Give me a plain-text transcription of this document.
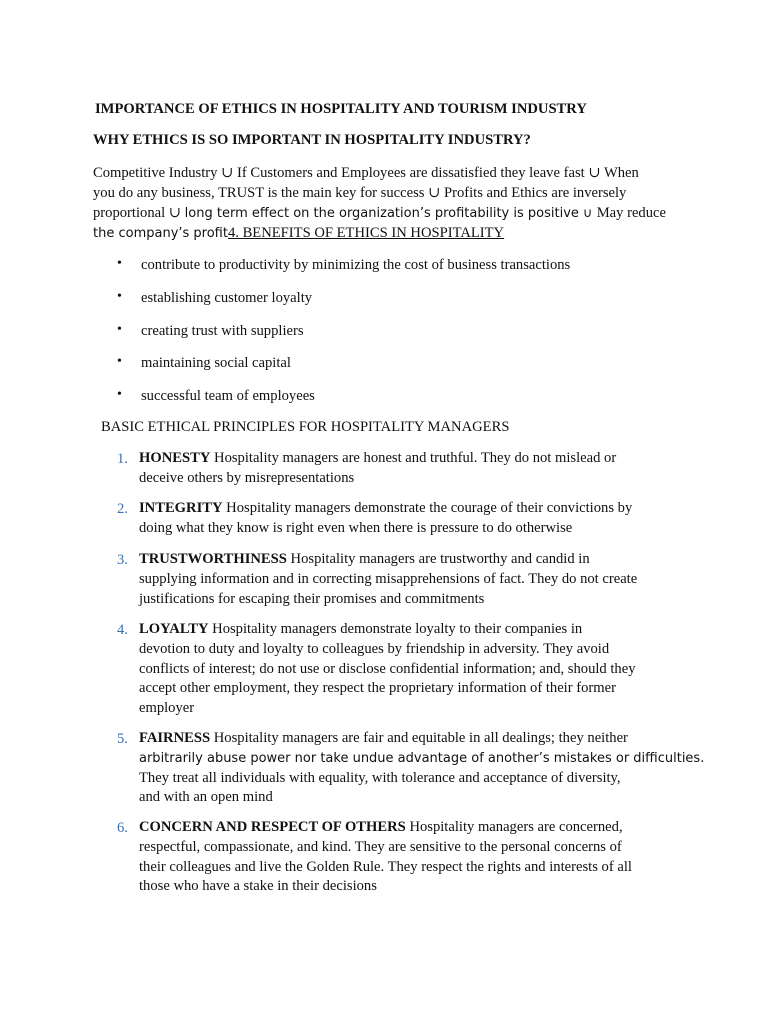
IMPORTANCE OF ETHICS IN HOSPITALITY AND TOURISM INDUSTRY
WHY ETHICS IS SO IMPORTANT IN HOSPITALITY INDUSTRY?
Competitive Industry ∪ If Customers and Employees are dissatisfied they leave fast ∪ When
you do any business, TRUST is the main key for success ∪ Profits and Ethics are inversely
proportional ∪ long term effect on the organization’s profitability is positive ∪ May reduce
the company’s profit4. BENEFITS OF ETHICS IN HOSPITALITY
• contribute to productivity by minimizing the cost of business transactions
• establishing customer loyalty
• creating trust with suppliers
• maintaining social capital
• successful team of employees
BASIC ETHICAL PRINCIPLES FOR HOSPITALITY MANAGERS
1. HONESTY Hospitality managers are honest and truthful. They do not mislead or
deceive others by misrepresentations
2. INTEGRITY Hospitality managers demonstrate the courage of their convictions by
doing what they know is right even when there is pressure to do otherwise
3. TRUSTWORTHINESS Hospitality managers are trustworthy and candid in
supplying information and in correcting misapprehensions of fact. They do not create
justifications for escaping their promises and commitments
4. LOYALTY Hospitality managers demonstrate loyalty to their companies in
devotion to duty and loyalty to colleagues by friendship in adversity. They avoid
conflicts of interest; do not use or disclose confidential information; and, should they
accept other employment, they respect the proprietary information of their former
employer
5. FAIRNESS Hospitality managers are fair and equitable in all dealings; they neither
arbitrarily abuse power nor take undue advantage of another’s mistakes or difficulties.
They treat all individuals with equality, with tolerance and acceptance of diversity,
and with an open mind
6. CONCERN AND RESPECT OF OTHERS Hospitality managers are concerned,
respectful, compassionate, and kind. They are sensitive to the personal concerns of
their colleagues and live the Golden Rule. They respect the rights and interests of all
those who have a stake in their decisions
